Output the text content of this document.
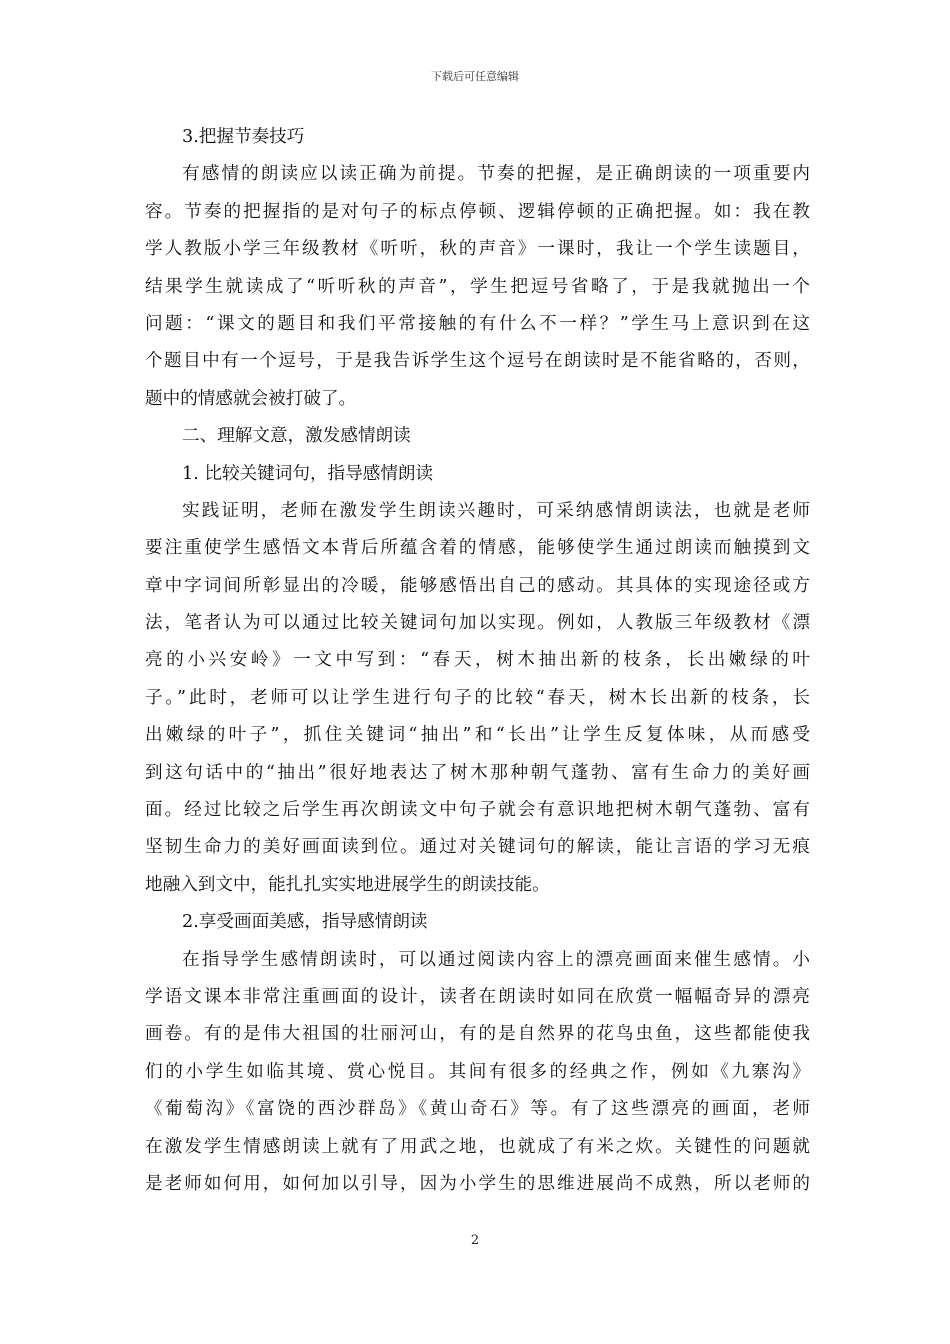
下载后可任意编辑
3.把握节奏技巧
有感情的朗读应以读正确为前提。节奏的把握，是正确朗读的一项重要内
容。节奏的把握指的是对句子的标点停顿、逻辑停顿的正确把握。如：我在教
学人教版小学三年级教材《听听，秋的声音》一课时，我让一个学生读题目，
结果学生就读成了“听听秋的声音”，学生把逗号省略了，于是我就抛出一个
问题：“课文的题目和我们平常接触的有什么不一样？”学生马上意识到在这
个题目中有一个逗号，于是我告诉学生这个逗号在朗读时是不能省略的，否则，
题中的情感就会被打破了。
二、理解文意，激发感情朗读
1. 比较关键词句，指导感情朗读
实践证明，老师在激发学生朗读兴趣时，可采纳感情朗读法，也就是老师
要注重使学生感悟文本背后所蕴含着的情感，能够使学生通过朗读而触摸到文
章中字词间所彰显出的冷暖，能够感悟出自己的感动。其具体的实现途径或方
法，笔者认为可以通过比较关键词句加以实现。例如，人教版三年级教材《漂
亮的小兴安岭》一文中写到：“春天，树木抽出新的枝条，长出嫩绿的叶
子。”此时，老师可以让学生进行句子的比较“春天，树木长出新的枝条，长
出嫩绿的叶子”，抓住关键词“抽出”和“长出”让学生反复体味，从而感受
到这句话中的“抽出”很好地表达了树木那种朝气蓬勃、富有生命力的美好画
面。经过比较之后学生再次朗读文中句子就会有意识地把树木朝气蓬勃、富有
坚韧生命力的美好画面读到位。通过对关键词句的解读，能让言语的学习无痕
地融入到文中，能扎扎实实地进展学生的朗读技能。
2.享受画面美感，指导感情朗读
在指导学生感情朗读时，可以通过阅读内容上的漂亮画面来催生感情。小
学语文课本非常注重画面的设计，读者在朗读时如同在欣赏一幅幅奇异的漂亮
画卷。有的是伟大祖国的壮丽河山，有的是自然界的花鸟虫鱼，这些都能使我
们的小学生如临其境、赏心悦目。其间有很多的经典之作，例如《九寨沟》
《葡萄沟》《富饶的西沙群岛》《黄山奇石》等。有了这些漂亮的画面，老师
在激发学生情感朗读上就有了用武之地，也就成了有米之炊。关键性的问题就
是老师如何用，如何加以引导，因为小学生的思维进展尚不成熟，所以老师的
2
